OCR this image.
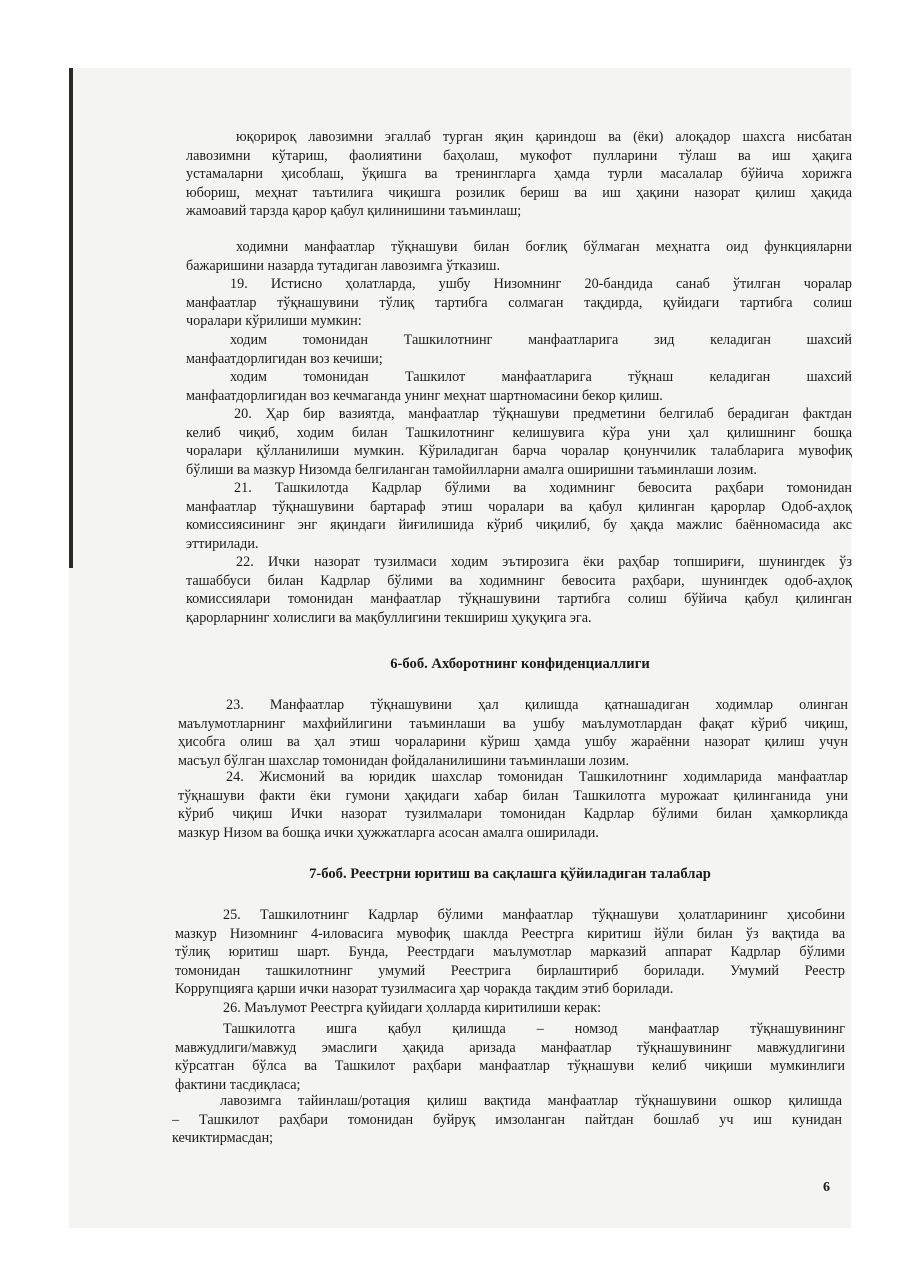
юқорироқ лавозимни эгаллаб турган яқин қариндош ва (ёки) алоқадор шахсга нисбатан
лавозимни кўтариш, фаолиятини баҳолаш, мукофот пулларини тўлаш ва иш ҳақига
устамаларни ҳисоблаш, ўқишга ва тренингларга ҳамда турли масалалар бўйича хорижга
юбориш, меҳнат таътилига чиқишга розилик бериш ва иш ҳақини назорат қилиш ҳақида
жамоавий тарзда қарор қабул қилинишини таъминлаш;
ходимни манфаатлар тўқнашуви билан боғлиқ бўлмаган меҳнатга оид функцияларни
бажаришини назарда тутадиган лавозимга ўтказиш.
19. Истисно ҳолатларда, ушбу Низомнинг 20-бандида санаб ўтилган чоралар
манфаатлар тўқнашувини тўлиқ тартибга солмаган тақдирда, қуйидаги тартибга солиш
чоралари кўрилиши мумкин:
ходим томонидан Ташкилотнинг манфаатларига зид келадиган шахсий
манфаатдорлигидан воз кечиши;
ходим томонидан Ташкилот манфаатларига тўқнаш келадиган шахсий
манфаатдорлигидан воз кечмаганда унинг меҳнат шартномасини бекор қилиш.
20. Ҳар бир вазиятда, манфаатлар тўқнашуви предметини белгилаб берадиган фактдан
келиб чиқиб, ходим билан Ташкилотнинг келишувига кўра уни ҳал қилишнинг бошқа
чоралари қўлланилиши мумкин. Кўриладиган барча чоралар қонунчилик талабларига мувофиқ
бўлиши ва мазкур Низомда белгиланган тамойилларни амалга оширишни таъминлаши лозим.
21. Ташкилотда Кадрлар бўлими ва ходимнинг бевосита раҳбари томонидан
манфаатлар тўқнашувини бартараф этиш чоралари ва қабул қилинган қарорлар Одоб-аҳлоқ
комиссиясининг энг яқиндаги йиғилишида кўриб чиқилиб, бу ҳақда мажлис баённомасида акс
эттирилади.
22. Ички назорат тузилмаси ходим эътирозига ёки раҳбар топшириғи, шунингдек ўз
ташаббуси билан Кадрлар бўлими ва ходимнинг бевосита раҳбари, шунингдек одоб-аҳлоқ
комиссиялари томонидан манфаатлар тўқнашувини тартибга солиш бўйича қабул қилинган
қарорларнинг холислиги ва мақбуллигини текшириш ҳуқуқига эга.
6-боб. Ахборотнинг конфиденциаллиги
23. Манфаатлар тўқнашувини ҳал қилишда қатнашадиган ходимлар олинган
маълумотларнинг махфийлигини таъминлаши ва ушбу маълумотлардан фақат кўриб чиқиш,
ҳисобга олиш ва ҳал этиш чораларини кўриш ҳамда ушбу жараённи назорат қилиш учун
масъул бўлган шахслар томонидан фойдаланилишини таъминлаши лозим.
24. Жисмоний ва юридик шахслар томонидан Ташкилотнинг ходимларида манфаатлар
тўқнашуви факти ёки гумони ҳақидаги хабар билан Ташкилотга мурожаат қилинганида уни
кўриб чиқиш Ички назорат тузилмалари томонидан Кадрлар бўлими билан ҳамкорликда
мазкур Низом ва бошқа ички ҳужжатларга асосан амалга оширилади.
7-боб. Реестрни юритиш ва сақлашга қўйиладиган талаблар
25. Ташкилотнинг Кадрлар бўлими манфаатлар тўқнашуви ҳолатларининг ҳисобини
мазкур Низомнинг 4-иловасига мувофиқ шаклда Реестрга киритиш йўли билан ўз вақтида ва
тўлиқ юритиш шарт. Бунда, Реестрдаги маълумотлар марказий аппарат Кадрлар бўлими
томонидан ташкилотнинг умумий Реестрига бирлаштириб борилади. Умумий Реестр
Коррупцияга қарши ички назорат тузилмасига ҳар чоракда тақдим этиб борилади.
26. Маълумот Реестрга қуйидаги ҳолларда киритилиши керак:
Ташкилотга ишга қабул қилишда – номзод манфаатлар тўқнашувининг
мавжудлиги/мавжуд эмаслиги ҳақида аризада манфаатлар тўқнашувининг мавжудлигини
кўрсатган бўлса ва Ташкилот раҳбари манфаатлар тўқнашуви келиб чиқиши мумкинлиги
фактини тасдиқласа;
лавозимга тайинлаш/ротация қилиш вақтида манфаатлар тўқнашувини ошкор қилишда
– Ташкилот раҳбари томонидан буйруқ имзоланган пайтдан бошлаб уч иш кунидан
кечиктирмасдан;
6
